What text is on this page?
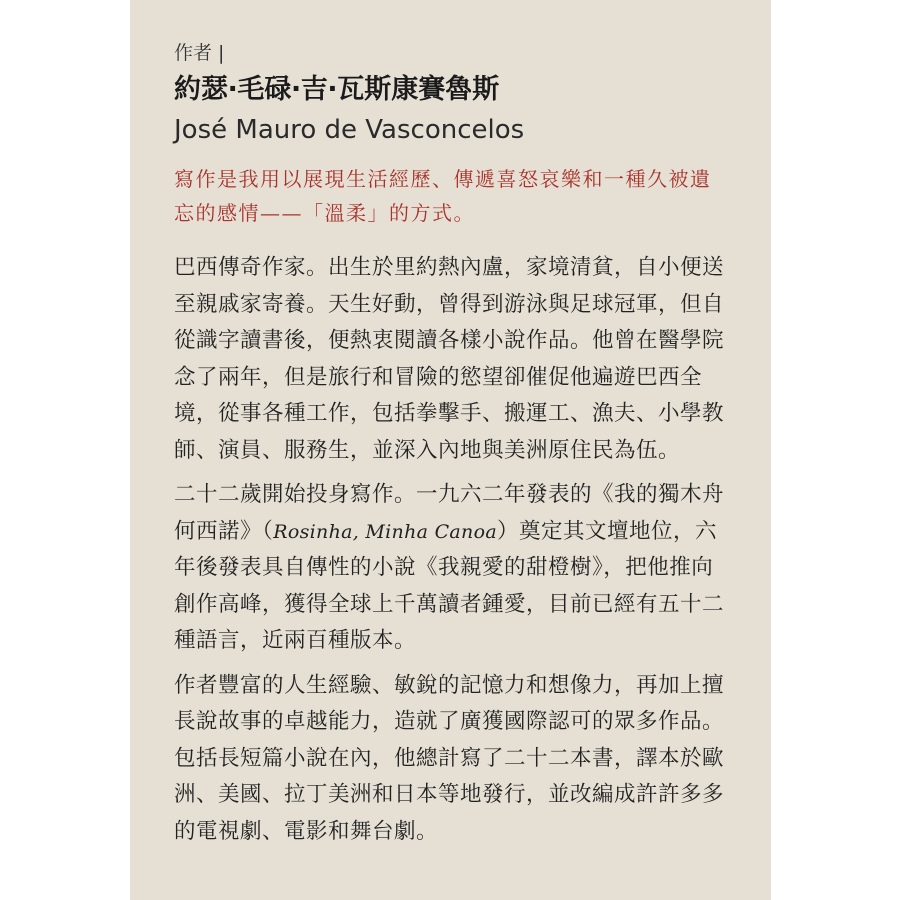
作者 |

約瑟‧毛碌‧吉‧瓦斯康賽魯斯

José Mauro de Vasconcelos

寫作是我用以展現生活經歷、傳遞喜怒哀樂和一種久被遺忘的感情——「溫柔」的方式。

巴西傳奇作家。出生於里約熱內盧，家境清貧，自小便送至親戚家寄養。天生好動，曾得到游泳與足球冠軍，但自從識字讀書後，便熱衷閱讀各樣小說作品。他曾在醫學院念了兩年，但是旅行和冒險的慾望卻催促他遍遊巴西全境，從事各種工作，包括拳擊手、搬運工、漁夫、小學教師、演員、服務生，並深入內地與美洲原住民為伍。

二十二歲開始投身寫作。一九六二年發表的《我的獨木舟何西諾》（Rosinha, Minha Canoa）奠定其文壇地位，六年後發表具自傳性的小說《我親愛的甜橙樹》，把他推向創作高峰，獲得全球上千萬讀者鍾愛，目前已經有五十二種語言，近兩百種版本。

作者豐富的人生經驗、敏銳的記憶力和想像力，再加上擅長說故事的卓越能力，造就了廣獲國際認可的眾多作品。包括長短篇小說在內，他總計寫了二十二本書，譯本於歐洲、美國、拉丁美洲和日本等地發行，並改編成許許多多的電視劇、電影和舞台劇。
